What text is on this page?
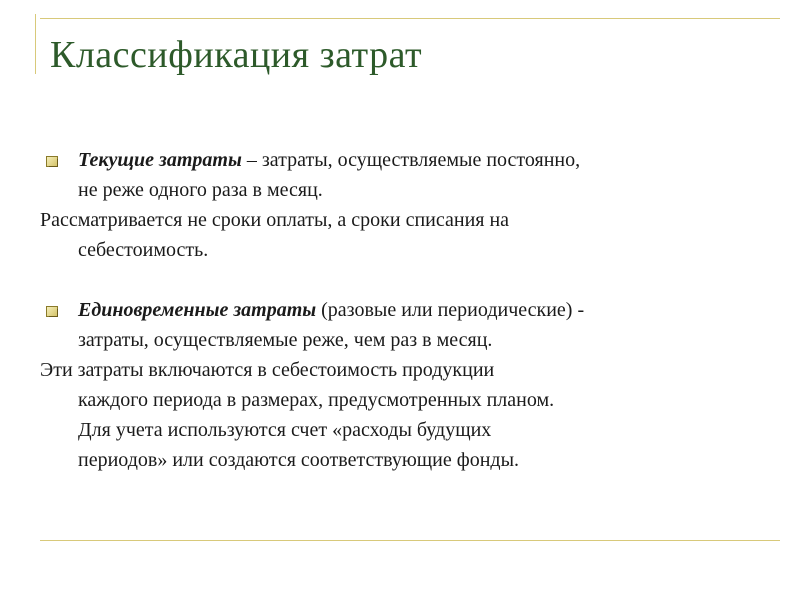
Классификация затрат
Текущие затраты – затраты, осуществляемые постоянно,
не реже одного раза в месяц.
Рассматривается не сроки оплаты, а сроки списания на
себестоимость.
Единовременные затраты (разовые или периодические) -
затраты, осуществляемые реже, чем раз в месяц.
Эти затраты включаются в себестоимость продукции
каждого периода в размерах, предусмотренных планом.
Для учета используются счет «расходы будущих
периодов» или создаются соответствующие фонды.
